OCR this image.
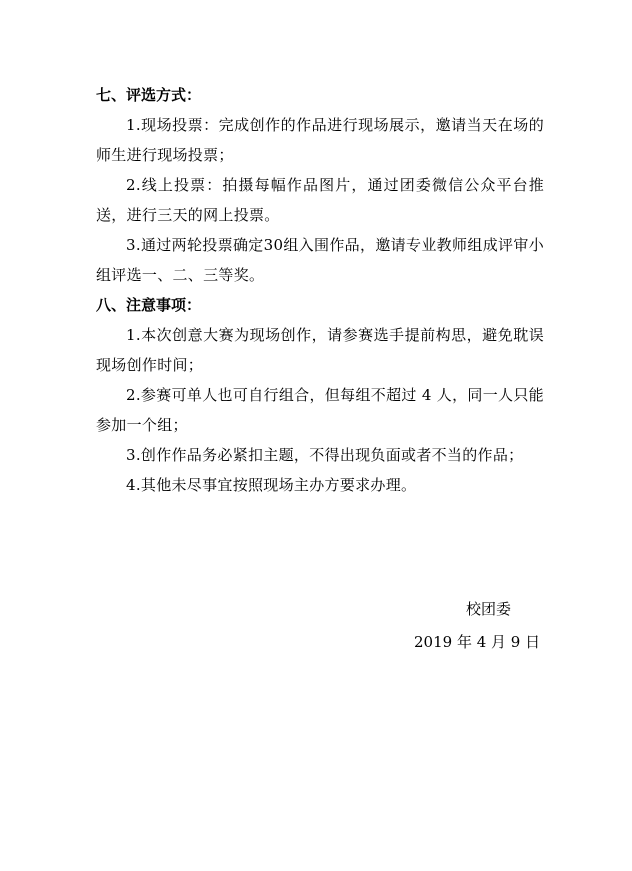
七、评选方式：

1.现场投票：完成创作的作品进行现场展示，邀请当天在场的师生进行现场投票；

2.线上投票：拍摄每幅作品图片，通过团委微信公众平台推送，进行三天的网上投票。

3.通过两轮投票确定30组入围作品，邀请专业教师组成评审小组评选一、二、三等奖。

八、注意事项：

1.本次创意大赛为现场创作，请参赛选手提前构思，避免耽误现场创作时间；

2.参赛可单人也可自行组合，但每组不超过 4 人，同一人只能参加一个组；

3.创作作品务必紧扣主题，不得出现负面或者不当的作品；

4.其他未尽事宜按照现场主办方要求办理。

校团委
2019 年 4 月 9 日
